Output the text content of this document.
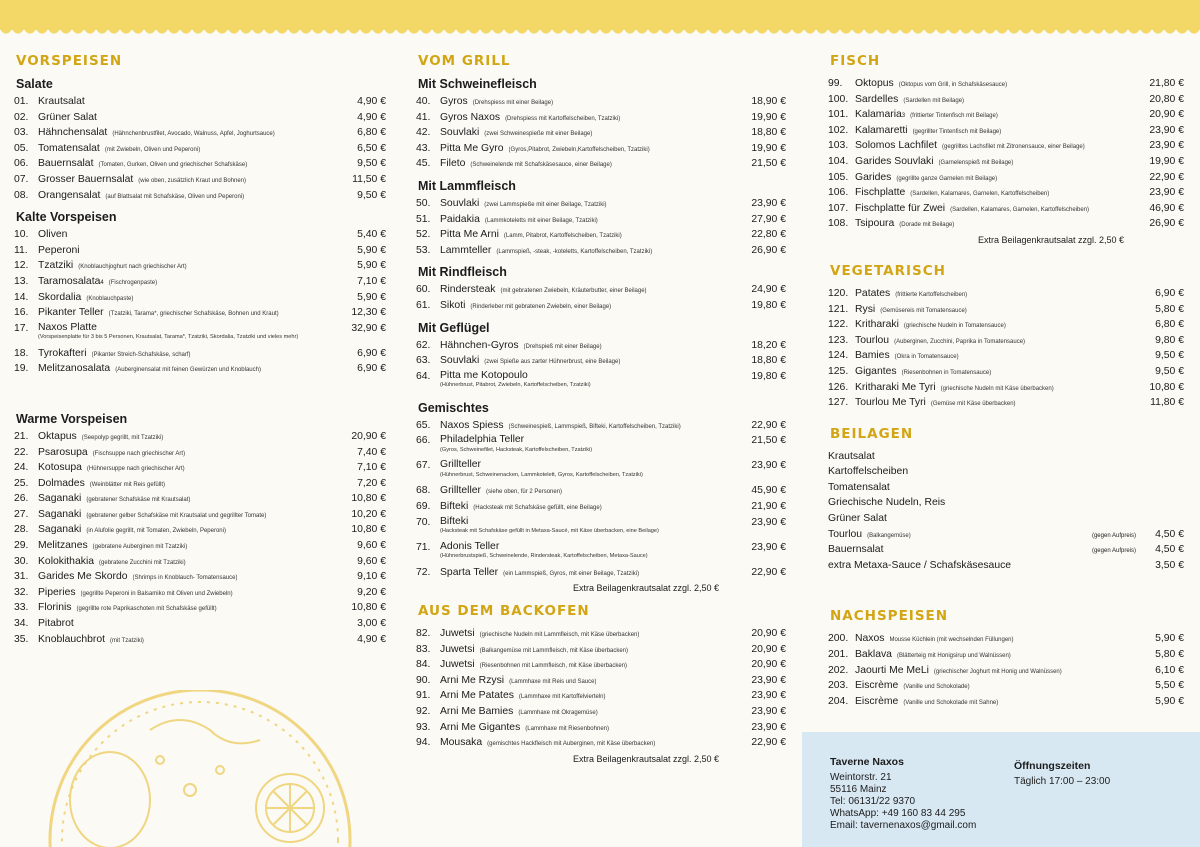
VORSPEISEN
Salate
01. Krautsalat	4,90 €
02. Grüner Salat	4,90 €
03. Hähnchensalat (Hähnchenbrustfilet, Avocado, Walnuss, Apfel, Joghurtsauce)	6,80 €
05. Tomatensalat (mit Zwiebeln, Oliven und Peperoni)	6,50 €
06. Bauernsalat (Tomaten, Gurken, Oliven und griechischer Schafskäse)	9,50 €
07. Grosser Bauernsalat (wie oben, zusätzlich Kraut und Bohnen)	11,50 €
08. Orangensalat (auf Blattsalat mit Schafskäse, Oliven und Peperoni)	9,50 €
Kalte Vorspeisen
10. Oliven	5,40 €
11. Peperoni	5,90 €
12. Tzatziki (Knoblauchjoghurt nach griechischer Art)	5,90 €
13. Taramosalata 4 (Fischrogenpaste)	7,10 €
14. Skordalia (Knoblauchpaste)	5,90 €
16. Pikanter Teller (Tzatziki, Tarama*, griechischer Schafskäse, Bohnen und Kraut)	12,30 €
17. Naxos Platte
(Vorspeisenplatte für 3 bis 5 Personen, Krautsalat, Tarama*, Tzatziki, Skordalia, Tzatziki und vieles mehr)
32,90 €
18. Tyrokafteri (Pikanter Streich-Schafskäse, scharf)	6,90 €
19. Melitzanosalata (Auberginensalat mit feinen Gewürzen und Knoblauch)	6,90 €
Warme Vorspeisen
21. Oktapus (Seepolyp gegrillt, mit Tzatziki)	20,90 €
22. Psarosupa (Fischsuppe nach griechischer Art)	7,40 €
24. Kotosupa (Hühnersuppe nach griechischer Art)	7,10 €
25. Dolmades (Weinblätter mit Reis gefüllt)	7,20 €
26. Saganaki (gebratener Schafskäse mit Krautsalat)	10,80 €
27. Saganaki (gebratener gelber Schafskäse mit Krautsalat und gegrillter Tomate)	10,20 €
28. Saganaki (in Alufolie gegrillt, mit Tomaten, Zwiebeln, Peperoni)	10,80 €
29. Melitzanes (gebratene Auberginen mit Tzatziki)	9,60 €
30. Kolokithakia (gebratene Zucchini mit Tzatziki)	9,60 €
31. Garides Me Skordo (Shrimps in Knoblauch- Tomatensauce)	9,10 €
32. Piperies (gegrillte Peperoni in Balsamiko mit Oliven und Zwiebeln)	9,20 €
33. Florinis (gegrillte rote Paprikaschoten mit Schafskäse gefüllt)	10,80 €
34. Pitabrot	3,00 €
35. Knoblauchbrot (mit Tzatziki)	4,90 €
VOM GRILL
Mit Schweinefleisch
40. Gyros (Drehspiess mit einer Beilage)	18,90 €
41. Gyros Naxos (Drehspiess mit Kartoffelscheiben, Tzatziki)	19,90 €
42. Souvlaki (zwei Schweinespieße mit einer Beilage)	18,80 €
43. Pitta Me Gyro (Gyros,Pitabrot, Zwiebeln,Kartoffelscheiben, Tzatziki)	19,90 €
45. Fileto (Schweinelende mit Schafskäsesauce, einer Beilage)	21,50 €
Mit Lammfleisch
50. Souvlaki (zwei Lammspieße mit einer Beilage, Tzatziki)	23,90 €
51. Paidakia (Lammkoteletts mit einer Beilage, Tzatziki)	27,90 €
52. Pitta Me Arni (Lamm, Pitabrot, Kartoffelscheiben, Tzatziki)	22,80 €
53. Lammteller (Lammspieß, -steak, -koteletts, Kartoffelscheiben, Tzatziki)	26,90 €
Mit Rindfleisch
60. Rindersteak (mit gebratenen Zwiebeln, Kräuterbutter, einer Beilage)	24,90 €
61. Sikoti (Rinderleber mit gebratenen Zwiebeln, einer Beilage)	19,80 €
Mit Geflügel
62. Hähnchen-Gyros (Drehspieß mit einer Beilage)	18,20 €
63. Souvlaki (zwei Spieße aus zarter Hühnerbrust, eine Beilage)	18,80 €
64. Pitta me Kotopoulo
(Hühnerbrust, Pitabrot, Zwiebeln, Kartoffelscheiben, Tzatziki)
19,80 €
Gemischtes
65. Naxos Spiess (Schweinespieß, Lammspieß, Bifteki, Kartoffelscheiben, Tzatziki)	22,90 €
66. Philadelphia Teller
(Gyros, Schweinefilet, Hacksteak, Kartoffelscheiben, Tzatziki)
21,50 €
67. Grillteller
(Hühnerbrust, Schweinenacken, Lammkotelett, Gyros, Kartoffelscheiben, Tzatziki)
23,90 €
68. Grillteller (siehe oben, für 2 Personen)	45,90 €
69. Bifteki (Hacksteak mit Schafskäse gefüllt, eine Beilage)	21,90 €
70. Bifteki
(Hacksteak mit Schafskäse gefüllt in Metaxa-Saucé, mit Käse überbacken, eine Beilage)
23,90 €
71. Adonis Teller
(Hühnerbrustspieß, Schweinelende, Rindersteak, Kartoffelscheiben, Metaxa-Sauce)
23,90 €
72. Sparta Teller (ein Lammspieß, Gyros, mit einer Beilage, Tzatziki)	22,90 €
Extra Beilagenkrautsalat zzgl. 2,50 €
AUS DEM BACKOFEN
82. Juwetsi (griechische Nudeln mit Lammfleisch, mit Käse überbacken)	20,90 €
83. Juwetsi (Balkangemüse mit Lammfleisch, mit Käse überbacken)	20,90 €
84. Juwetsi (Riesenbohnen mit Lammfleisch, mit Käse überbacken)	20,90 €
90. Arni Me Rzysi (Lammhaxe mit Reis und Sauce)	23,90 €
91. Arni Me Patates (Lammhaxe mit Kartoffelvierteln)	23,90 €
92. Arni Me Bamies (Lammhaxe mit Okragemüse)	23,90 €
93. Arni Me Gigantes (Lammhaxe mit Riesenbohnen)	23,90 €
94. Mousaka (gemischtes Hackfleisch mit Auberginen, mit Käse überbacken)	22,90 €
Extra Beilagenkrautsalat zzgl. 2,50 €
FISCH
99.	Oktopus (Oktopus vom Grill, in Schafskäsesauce)	21,80 €
100. Sardelles (Sardellen mit Beilage)	20,80 €
101. Kalamaria 3 (frittierter Tintenfisch mit Beilage)	20,90 €
102. Kalamaretti (gegrillter Tintenfisch mit Beilage)	23,90 €
103. Solomos Lachfilet (gegrilltes Lachsfilet mit Zitronensauce, einer Beilage)	23,90 €
104. Garides Souvlaki (Garnelenspieß mit Beilage)	19,90 €
105. Garides (gegrillte ganze Garnelen mit Beilage)	22,90 €
106. Fischplatte (Sardellen, Kalamares, Garnelen, Kartoffelscheiben)	23,90 €
107. Fischplatte für Zwei (Sardellen, Kalamares, Garnelen, Kartoffelscheiben)	46,90 €
108. Tsipoura (Dorade mit Beilage)	26,90 €
Extra Beilagenkrautsalat zzgl. 2,50 €
VEGETARISCH
120. Patates (frittierte Kartoffelscheiben)	6,90 €
121. Rysi (Gemüsereis mit Tomatensauce)	5,80 €
122. Kritharaki (griechische Nudeln in Tomatensauce)	6,80 €
123. Tourlou (Auberginen, Zucchini, Paprika in Tomatensauce)	9,80 €
124. Bamies (Okra in Tomatensauce)	9,50 €
125. Gigantes (Riesenbohnen in Tomatensauce)	9,50 €
126. Kritharaki Me Tyri (griechische Nudeln mit Käse überbacken)	10,80 €
127. Tourlou Me Tyri (Gemüse mit Käse überbacken)	11,80 €
BEILAGEN
Krautsalat
Kartoffelscheiben
Tomatensalat
Griechische Nudeln, Reis
Grüner Salat
Tourlou (Balkangemüse)	(gegen Aufpreis)	4,50 €
Bauernsalat	(gegen Aufpreis)	4,50 €
extra Metaxa-Sauce / Schafskäsesauce	3,50 €
NACHSPEISEN
200. Naxos Mousse Küchlein (mit wechselnden Füllungen)	5,90 €
201. Baklava (Blätterteig mit Honigsirup und Walnüssen)	5,80 €
202. Jaourti Me MeLi (griechischer Joghurt mit Honig und Walnüssen)	6,10 €
203. Eiscrème (Vanille und Schokolade)	5,50 €
204. Eiscrème (Vanille und Schokolade mit Sahne)	5,90 €
Taverne Naxos
Weintorstr. 21
55116 Mainz
Tel: 06131/22 9370
WhatsApp: +49 160 83 44 295
Email: tavernenaxos@gmail.com
Öffnungszeiten
Täglich 17:00 – 23:00
